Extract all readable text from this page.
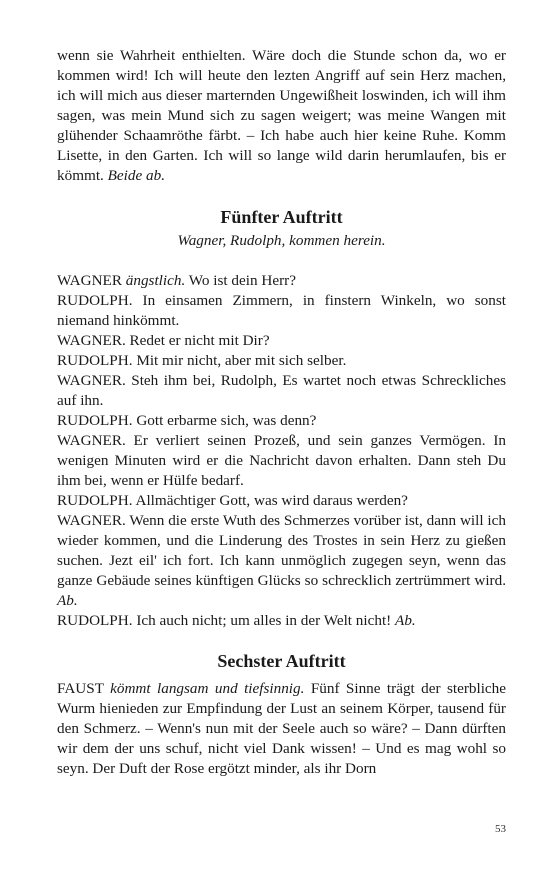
wenn sie Wahrheit enthielten. Wäre doch die Stunde schon da, wo er kommen wird! Ich will heute den lezten Angriff auf sein Herz machen, ich will mich aus dieser marternden Ungewißheit loswinden, ich will ihm sagen, was mein Mund sich zu sagen weigert; was meine Wangen mit glühender Schaamröthe färbt. – Ich habe auch hier keine Ruhe. Komm Lisette, in den Garten. Ich will so lange wild darin herumlaufen, bis er kömmt. Beide ab.

Fünfter Auftritt

Wagner, Rudolph, kommen herein.

WAGNER ängstlich. Wo ist dein Herr?

RUDOLPH. In einsamen Zimmern, in finstern Winkeln, wo sonst niemand hinkömmt.

WAGNER. Redet er nicht mit Dir?

RUDOLPH. Mit mir nicht, aber mit sich selber.

WAGNER. Steh ihm bei, Rudolph, Es wartet noch etwas Schreckliches auf ihn.

RUDOLPH. Gott erbarme sich, was denn?

WAGNER. Er verliert seinen Prozeß, und sein ganzes Vermögen. In wenigen Minuten wird er die Nachricht davon erhalten. Dann steh Du ihm bei, wenn er Hülfe bedarf.

RUDOLPH. Allmächtiger Gott, was wird daraus werden?

WAGNER. Wenn die erste Wuth des Schmerzes vorüber ist, dann will ich wieder kommen, und die Linderung des Trostes in sein Herz zu gießen suchen. Jezt eil' ich fort. Ich kann unmöglich zugegen seyn, wenn das ganze Gebäude seines künftigen Glücks so schrecklich zertrümmert wird. Ab.

RUDOLPH. Ich auch nicht; um alles in der Welt nicht! Ab.

Sechster Auftritt

FAUST kömmt langsam und tiefsinnig. Fünf Sinne trägt der sterbliche Wurm hienieden zur Empfindung der Lust an seinem Körper, tausend für den Schmerz. – Wenn's nun mit der Seele auch so wäre? – Dann dürften wir dem der uns schuf, nicht viel Dank wissen! – Und es mag wohl so seyn. Der Duft der Rose ergötzt minder, als ihr Dorn

53
